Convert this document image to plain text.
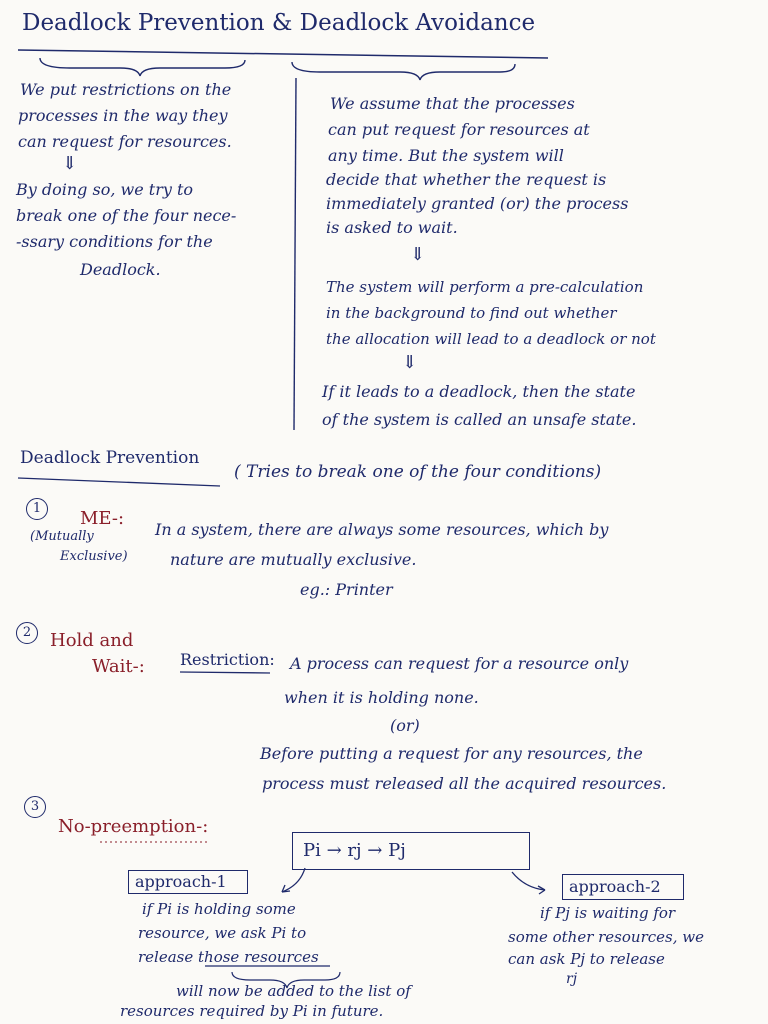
Deadlock Prevention & Deadlock Avoidance
We put restrictions on the
processes in the way they
can request for resources.
⇓
By doing so, we try to
break one of the four nece-
-ssary conditions for the
Deadlock.
We assume that the processes
can put request for resources at
any time. But the system will
decide that whether the request is
immediately granted (or) the process
is asked to wait.
⇓
The system will perform a pre-calculation
in the background to find out whether
the allocation will lead to a deadlock or not
⇓
If it leads to a deadlock, then the state
of the system is called an unsafe state.
Deadlock Prevention
( Tries to break one of the four conditions)
1	ME-:
(Mutually
Exclusive)
In a system, there are always some resources, which by
nature are mutually exclusive.
eg.: Printer
2	Hold and
Wait-: Restriction: A process can request for a resource only
when it is holding none.
(or)
Before putting a request for any resources, the
process must released all the acquired resources.
3
No-preemption-:
Pi → rj → Pj
approach-1
if Pi is holding some
resource, we ask Pi to
release those resources
will now be added to the list of
resources required by Pi in future.
approach-2
if Pj is waiting for
some other resources, we
can ask Pj to release
rj
